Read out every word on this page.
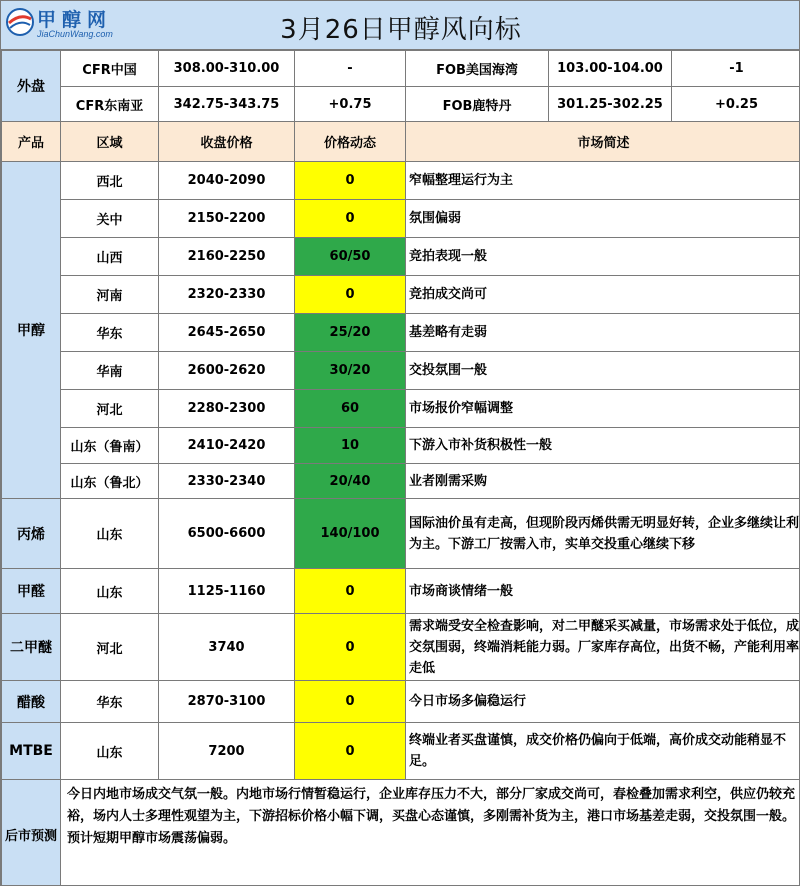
甲醇网
JiaChunWang.com	3月26日甲醇风向标
外盘	CFR中国	308.00-310.00	-	FOB美国海湾	103.00-104.00	-1
	CFR东南亚	342.75-343.75	+0.75	FOB鹿特丹	301.25-302.25	+0.25
产品	区域	收盘价格	价格动态	市场简述
甲醇	西北	2040-2090	0	窄幅整理运行为主
	关中	2150-2200	0	氛围偏弱
	山西	2160-2250	60/50	竞拍表现一般
	河南	2320-2330	0	竞拍成交尚可
	华东	2645-2650	25/20	基差略有走弱
	华南	2600-2620	30/20	交投氛围一般
	河北	2280-2300	60	市场报价窄幅调整
	山东（鲁南）	2410-2420	10	下游入市补货积极性一般
	山东（鲁北）	2330-2340	20/40	业者刚需采购
丙烯	山东	6500-6600	140/100	国际油价虽有走高，但现阶段丙烯供需无明显好转，企业多继续让利为主。下游工厂按需入市，实单交投重心继续下移
甲醛	山东	1125-1160	0	市场商谈情绪一般
二甲醚	河北	3740	0	需求端受安全检查影响，对二甲醚采买减量，市场需求处于低位，成交氛围弱，终端消耗能力弱。厂家库存高位，出货不畅，产能利用率走低
醋酸	华东	2870-3100	0	今日市场多偏稳运行
MTBE	山东	7200	0	终端业者买盘谨慎，成交价格仍偏向于低端，高价成交动能稍显不足。
后市预测	今日内地市场成交气氛一般。内地市场行情暂稳运行，企业库存压力不大，部分厂家成交尚可，春检叠加需求利空，供应仍较充裕，场内人士多理性观望为主，下游招标价格小幅下调，买盘心态谨慎，多刚需补货为主，港口市场基差走弱，交投氛围一般。预计短期甲醇市场震荡偏弱。			
